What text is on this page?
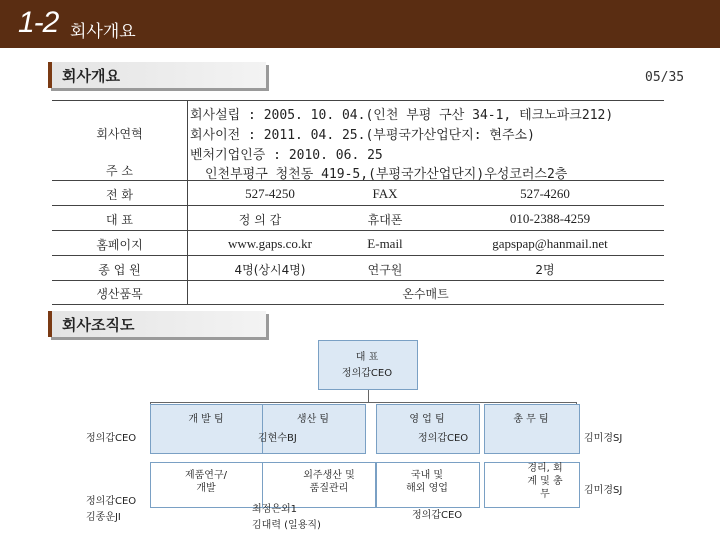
1-2 회사개요
회사개요	05/35
회사연혁
회사설립 : 2005. 10. 04.(인천 부평 구산 34-1, 테크노파크212)
회사이전 : 2011. 04. 25.(부평국가산업단지: 현주소)
벤처기업인증 : 2010. 06. 25
주 소	인천부평구 청천동 419-5,(부평국가산업단지)우성코러스2층
전 화	527-4250	FAX	527-4260
대 표	정 의 갑	휴대폰	010-2388-4259
홈페이지	www.gaps.co.kr	E-mail	gapspap@hanmail.net
종 업 원	4명(상시4명)	연구원	2명
생산품목	온수매트
회사조직도
대 표
정의갑CEO
개 발 팀	생산 팀	영 업 팀	총 무 팀
정의갑CEO	김현수BJ	정의갑CEO	김미경SJ
제품연구/
개발
외주생산 및
품질관리
국내 및
해외 영업
경리, 회
계 및 총
무
정의갑CEO
김종운JI
최점은외1
김대력 (일용직)
정의갑CEO
김미경SJ
